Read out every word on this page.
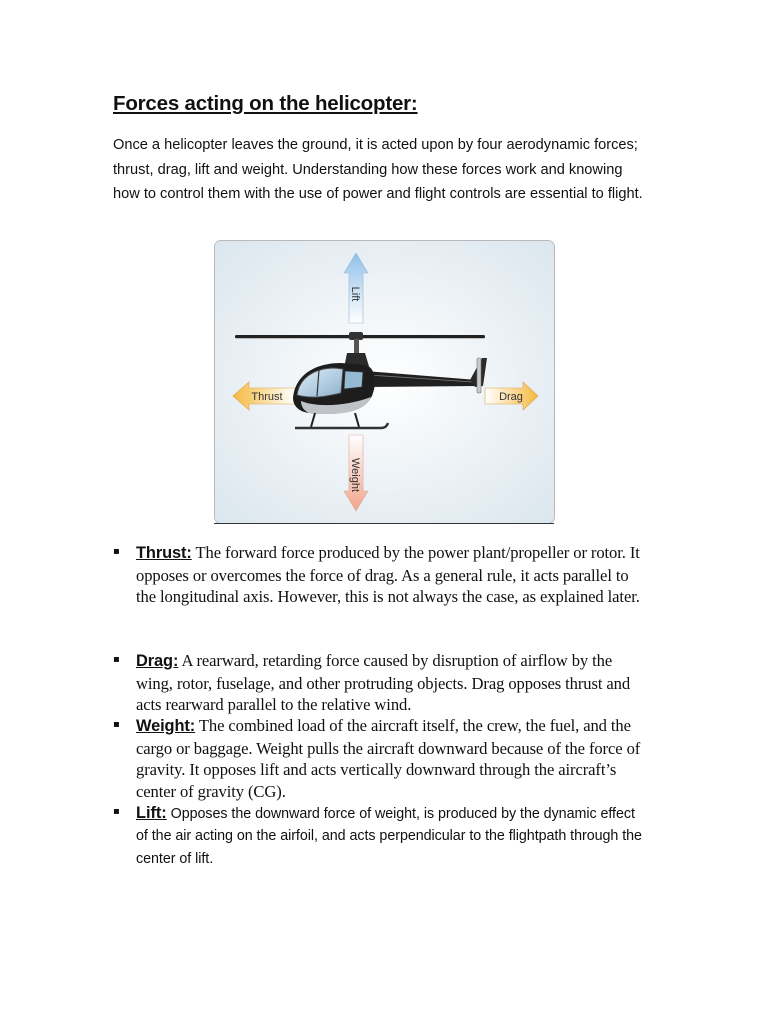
Forces acting on the helicopter:

Once a helicopter leaves the ground, it is acted upon by four aerodynamic forces; thrust, drag, lift and weight. Understanding how these forces work and knowing how to control them with the use of power and flight controls are essential to flight.

Lift
Weight
Thrust	Drag
▪ Thrust: The forward force produced by the power plant/propeller or rotor. It opposes or overcomes the force of drag. As a general rule, it acts parallel to the longitudinal axis. However, this is not always the case, as explained later.
▪ Drag: A rearward, retarding force caused by disruption of airflow by the wing, rotor, fuselage, and other protruding objects. Drag opposes thrust and acts rearward parallel to the relative wind.
▪ Weight: The combined load of the aircraft itself, the crew, the fuel, and the cargo or baggage. Weight pulls the aircraft downward because of the force of gravity. It opposes lift and acts vertically downward through the aircraft’s center of gravity (CG).
▪ Lift: Opposes the downward force of weight, is produced by the dynamic effect of the air acting on the airfoil, and acts perpendicular to the flightpath through the center of lift.
